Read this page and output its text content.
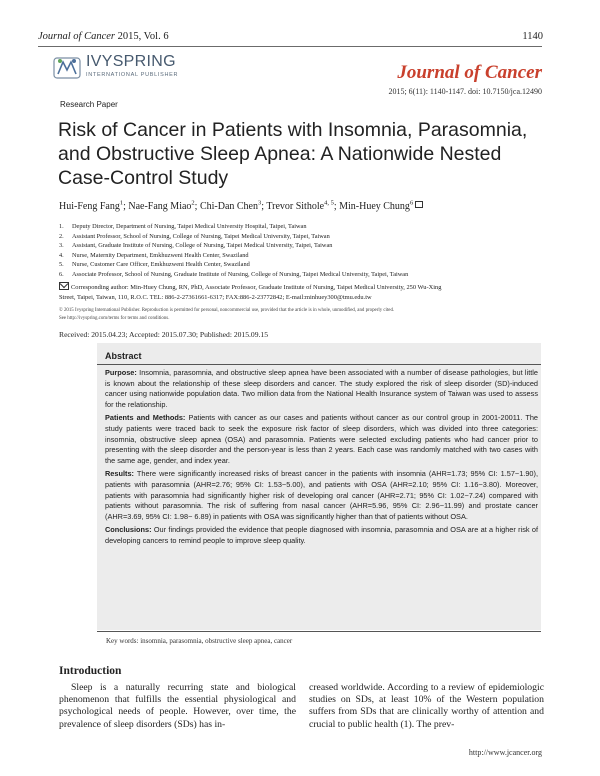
Journal of Cancer 2015, Vol. 6	1140
IVYSPRING
INTERNATIONAL PUBLISHER	Journal of Cancer
2015; 6(11): 1140-1147. doi: 10.7150/jca.12490
Research Paper
Risk of Cancer in Patients with Insomnia, Parasomnia, and Obstructive Sleep Apnea: A Nationwide Nested Case-Control Study
Hui-Feng Fang$^1$; Nae-Fang Miao$^2$; Chi-Dan Chen$^3$; Trevor Sithole$^{4, 5}$; Min-Huey Chung$^6$
1.	Deputy Director, Department of Nursing, Taipei Medical University Hospital, Taipei, Taiwan
2.	Assistant Professor, School of Nursing, College of Nursing, Taipei Medical University, Taipei, Taiwan
3.	Assistant, Graduate Institute of Nursing, College of Nursing, Taipei Medical University, Taipei, Taiwan
4.	Nurse, Maternity Department, Emkhuzweni Health Center, Swaziland
5.	Nurse, Customer Care Officer, Emkhuzweni Health Center, Swaziland
6.	Associate Professor, School of Nursing, Graduate Institute of Nursing, College of Nursing, Taipei Medical University, Taipei, Taiwan
Corresponding author: Min-Huey Chung, RN, PhD, Associate Professor, Graduate Institute of Nursing, Taipei Medical University, 250 Wu-Xing
Street, Taipei, Taiwan, 110, R.O.C. TEL: 886-2-27361661-6317; FAX:886-2-23772842; E-mail:minhuey300@tmu.edu.tw
© 2015 Ivyspring International Publisher. Reproduction is permitted for personal, noncommercial use, provided that the article is in whole, unmodified, and properly cited.
See http://ivyspring.com/terms for terms and conditions.
Received: 2015.04.23; Accepted: 2015.07.30; Published: 2015.09.15
Abstract

Purpose: Insomnia, parasomnia, and obstructive sleep apnea have been associated with a number of disease pathologies, but little is known about the relationship of these sleep disorders and cancer. The study explored the risk of sleep disorder (SD)-induced cancer using nationwide population data. Two million data from the National Health Insurance system of Taiwan was used to assess for the relationship.

Patients and Methods: Patients with cancer as our cases and patients without cancer as our control group in 2001-20011. The study patients were traced back to seek the exposure risk factor of sleep disorders, which was divided into three categories: insomnia, obstructive sleep apnea (OSA) and parasomnia. Patients were selected excluding patients who had cancer prior to presenting with the sleep disorder and the person-year is less than 2 years. Each case was randomly matched with two cases with the same age, gender, and index year.

Results: There were significantly increased risks of breast cancer in the patients with insomnia (AHR=1.73; 95% CI: 1.57−1.90), patients with parasomnia (AHR=2.76; 95% CI: 1.53−5.00), and patients with OSA (AHR=2.10; 95% CI: 1.16−3.80). Moreover, patients with parasomnia had significantly higher risk of developing oral cancer (AHR=2.71; 95% CI: 1.02−7.24) compared with patients without parasomnia. The risk of suffering from nasal cancer (AHR=5.96, 95% CI: 2.96−11.99) and prostate cancer (AHR=3.69, 95% CI: 1.98− 6.89) in patients with OSA was significantly higher than that of patients without OSA.

Conclusions: Our findings provided the evidence that people diagnosed with insomnia, parasomnia and OSA are at a higher risk of developing cancers to remind people to improve sleep quality.

Key words: insomnia, parasomnia, obstructive sleep apnea, cancer
Introduction

Sleep is a naturally recurring state and biological phenomenon that fulfills the essential physiological and psychological needs of people. However, over time, the prevalence of sleep disorders (SDs) has in-

creased worldwide. According to a review of epidemiologic studies on SDs, at least 10% of the Western population suffers from SDs that are clinically worthy of attention and crucial to public health (1). The prev-

http://www.jcancer.org
